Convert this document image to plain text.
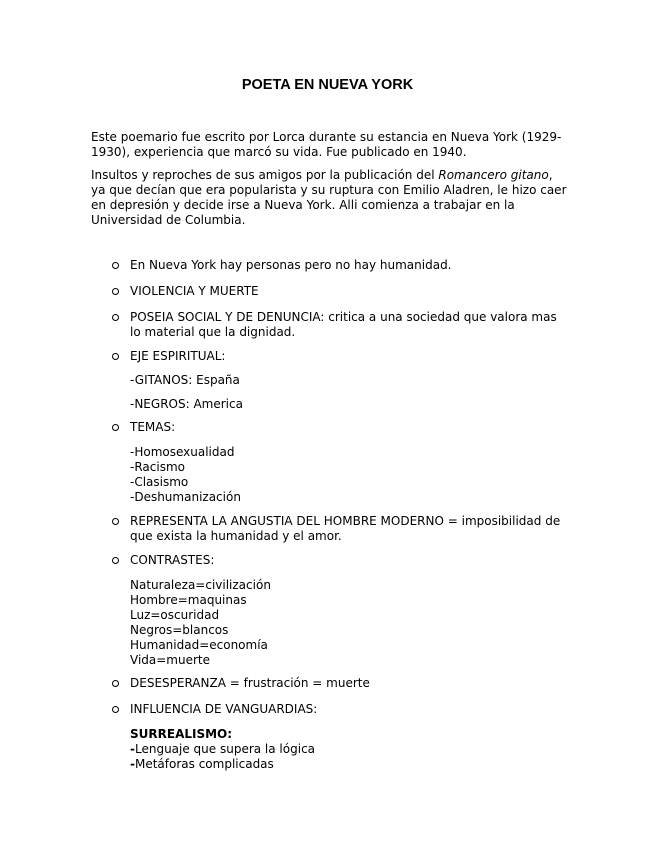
POETA EN NUEVA YORK

Este poemario fue escrito por Lorca durante su estancia en Nueva York (1929-1930), experiencia que marcó su vida. Fue publicado en 1940.

Insultos y reproches de sus amigos por la publicación del Romancero gitano, ya que decían que era popularista y su ruptura con Emilio Aladren, le hizo caer en depresión y decide irse a Nueva York. Alli comienza a trabajar en la Universidad de Columbia.

En Nueva York hay personas pero no hay humanidad.
VIOLENCIA Y MUERTE
POSEIA SOCIAL Y DE DENUNCIA: critica a una sociedad que valora mas lo material que la dignidad.
EJE ESPIRITUAL:
-GITANOS: España
-NEGROS: America
TEMAS:
-Homosexualidad
-Racismo
-Clasismo
-Deshumanización
REPRESENTA LA ANGUSTIA DEL HOMBRE MODERNO = imposibilidad de que exista la humanidad y el amor.
CONTRASTES:
Naturaleza=civilización
Hombre=maquinas
Luz=oscuridad
Negros=blancos
Humanidad=economía
Vida=muerte
DESESPERANZA = frustración = muerte
INFLUENCIA DE VANGUARDIAS:
SURREALISMO:
-Lenguaje que supera la lógica
-Metáforas complicadas
